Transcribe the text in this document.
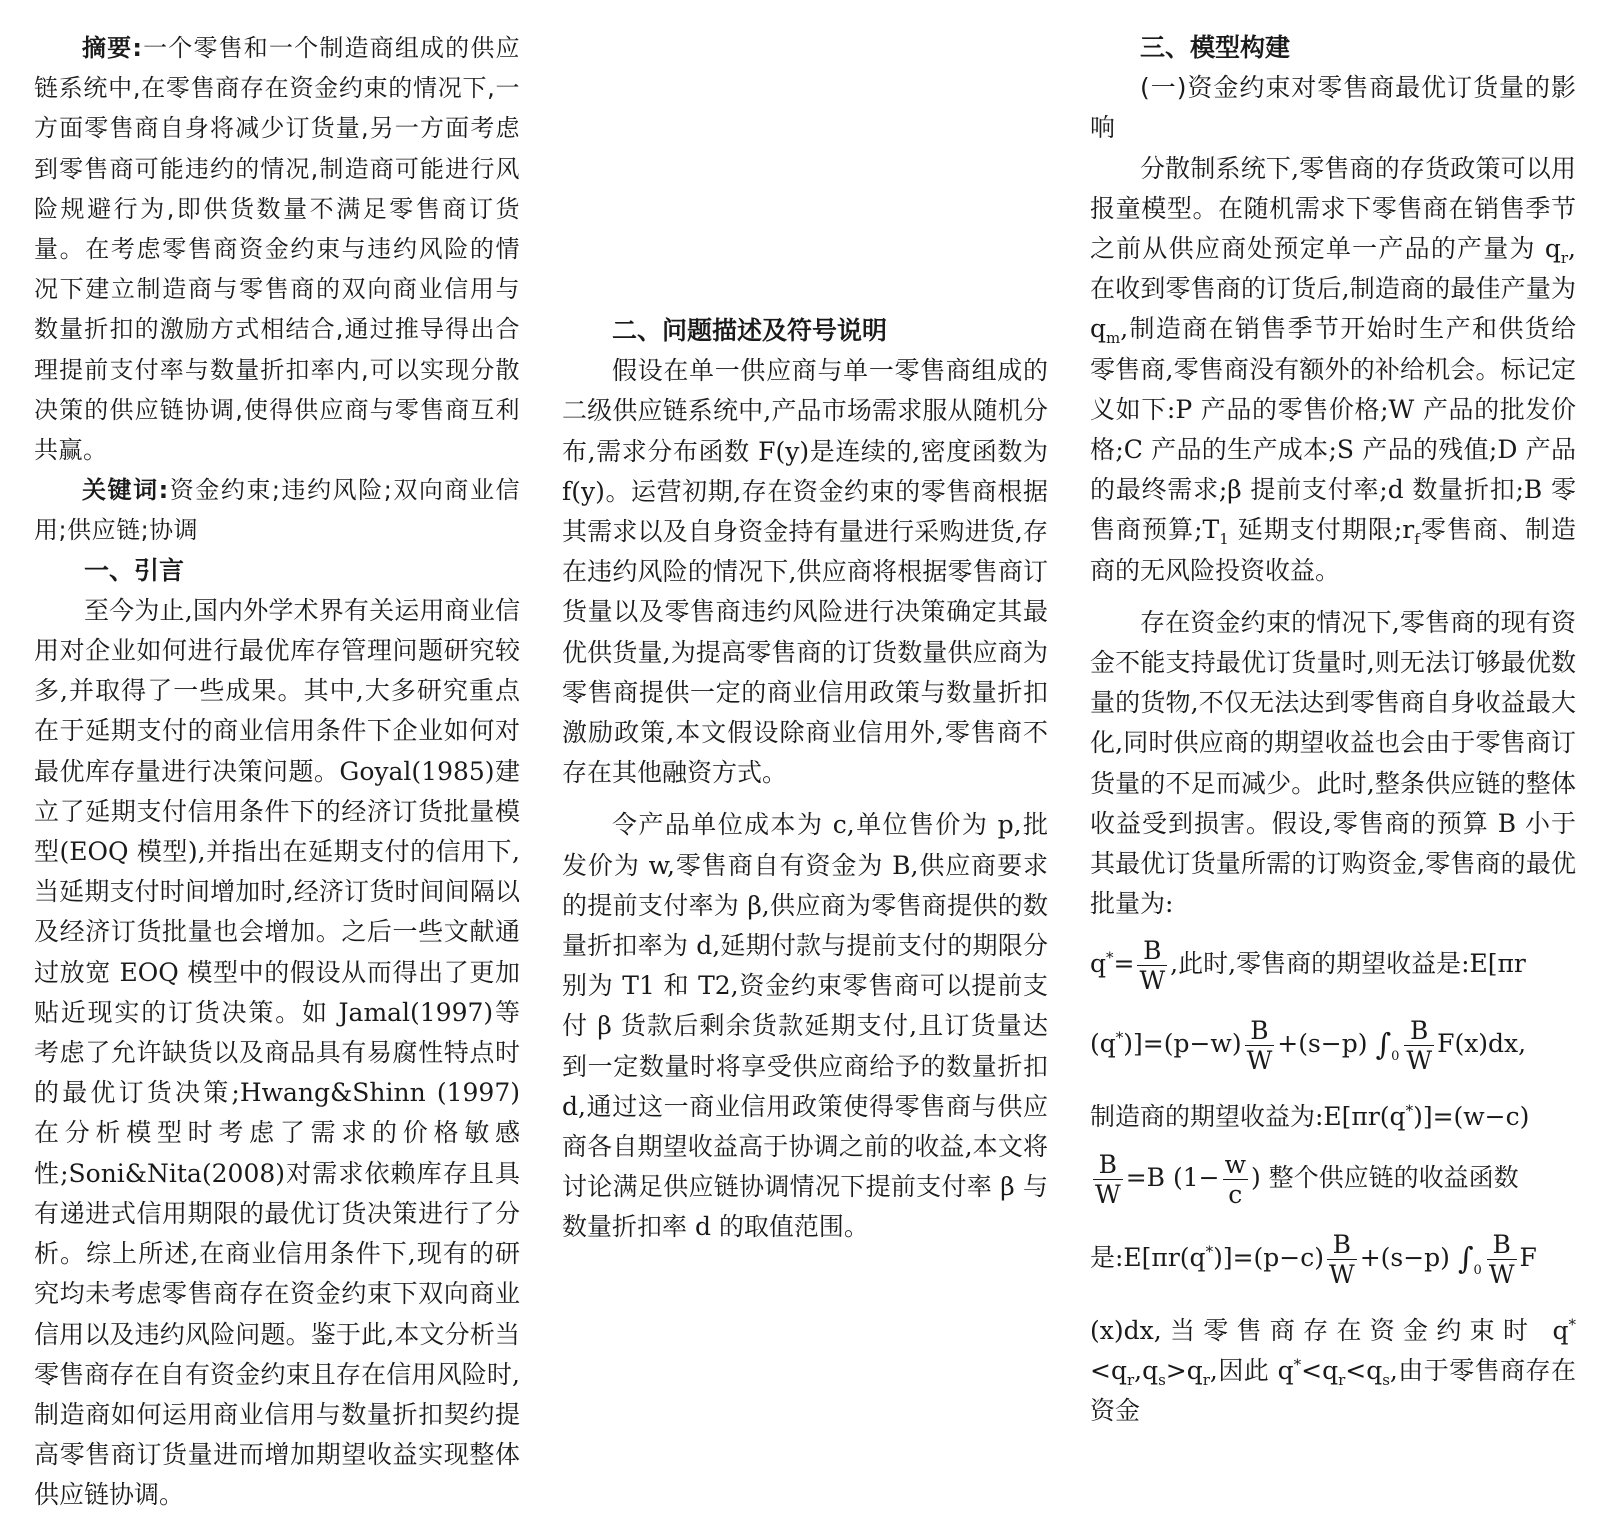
摘要:一个零售和一个制造商组成的供应链系统中,在零售商存在资金约束的情况下,一方面零售商自身将减少订货量,另一方面考虑到零售商可能违约的情况,制造商可能进行风险规避行为,即供货数量不满足零售商订货量。在考虑零售商资金约束与违约风险的情况下建立制造商与零售商的双向商业信用与数量折扣的激励方式相结合,通过推导得出合理提前支付率与数量折扣率内,可以实现分散决策的供应链协调,使得供应商与零售商互利共赢。

关键词:资金约束;违约风险;双向商业信用;供应链;协调

一、引言

至今为止,国内外学术界有关运用商业信用对企业如何进行最优库存管理问题研究较多,并取得了一些成果。其中,大多研究重点在于延期支付的商业信用条件下企业如何对最优库存量进行决策问题。Goyal(1985)建立了延期支付信用条件下的经济订货批量模型(EOQ 模型),并指出在延期支付的信用下,当延期支付时间增加时,经济订货时间间隔以及经济订货批量也会增加。之后一些文献通过放宽 EOQ 模型中的假设从而得出了更加贴近现实的订货决策。如 Jamal(1997)等考虑了允许缺货以及商品具有易腐性特点时的最优订货决策;Hwang&Shinn (1997) 在分析模型时考虑了需求的价格敏感性;Soni&Nita(2008)对需求依赖库存且具有递进式信用期限的最优订货决策进行了分析。综上所述,在商业信用条件下,现有的研究均未考虑零售商存在资金约束下双向商业信用以及违约风险问题。鉴于此,本文分析当零售商存在自有资金约束且存在信用风险时,制造商如何运用商业信用与数量折扣契约提高零售商订货量进而增加期望收益实现整体供应链协调。

二、问题描述及符号说明

假设在单一供应商与单一零售商组成的二级供应链系统中,产品市场需求服从随机分布,需求分布函数 F(y)是连续的,密度函数为 f(y)。运营初期,存在资金约束的零售商根据其需求以及自身资金持有量进行采购进货,存在违约风险的情况下,供应商将根据零售商订货量以及零售商违约风险进行决策确定其最优供货量,为提高零售商的订货数量供应商为零售商提供一定的商业信用政策与数量折扣激励政策,本文假设除商业信用外,零售商不存在其他融资方式。

令产品单位成本为 c,单位售价为 p,批发价为 w,零售商自有资金为 B,供应商要求的提前支付率为 β,供应商为零售商提供的数量折扣率为 d,延期付款与提前支付的期限分别为 T1 和 T2,资金约束零售商可以提前支付 β 货款后剩余货款延期支付,且订货量达到一定数量时将享受供应商给予的数量折扣 d,通过这一商业信用政策使得零售商与供应商各自期望收益高于协调之前的收益,本文将讨论满足供应链协调情况下提前支付率 β 与数量折扣率 d 的取值范围。

三、模型构建

(一)资金约束对零售商最优订货量的影响

分散制系统下,零售商的存货政策可以用报童模型。在随机需求下零售商在销售季节之前从供应商处预定单一产品的产量为 $q_r$,在收到零售商的订货后,制造商的最佳产量为 $q_m$,制造商在销售季节开始时生产和供货给零售商,零售商没有额外的补给机会。标记定义如下:P 产品的零售价格;W 产品的批发价格;C 产品的生产成本;S 产品的残值;D 产品的最终需求;β 提前支付率;d 数量折扣;B 零售商预算$;T_1$ 延期支付期限$;r_f$零售商、制造商的无风险投资收益。

存在资金约束的情况下,零售商的现有资金不能支持最优订货量时,则无法订够最优数量的货物,不仅无法达到零售商自身收益最大化,同时供应商的期望收益也会由于零售商订货量的不足而减少。此时,整条供应链的整体收益受到损害。假设,零售商的预算 B 小于其最优订货量所需的订购资金,零售商的最优批量为:

$q^*= \frac{B}{W}$ ,此时,零售商的期望收益是:E[πr

$(q^*)]=(p-w) \frac{B}{W} +(s-p)$ $\int_0 \frac{B}{W} F(x)dx$,

制造商的期望收益为:E[πr(q*)]=(w−c)

$\frac{B}{W} =B$ ($1- \frac{w}{c}$ ) 整个供应链的收益函数

是:E[πr(q*)]=(p−c) $\frac{B}{W} +(s-p)$ $\int_0 \frac{B}{W}$ F

(x)dx,当零售商存在资金约束时 $q^*<q_r,q_s>q_r$,因此 $q^*<q_r<q_s$,由于零售商存在资金
